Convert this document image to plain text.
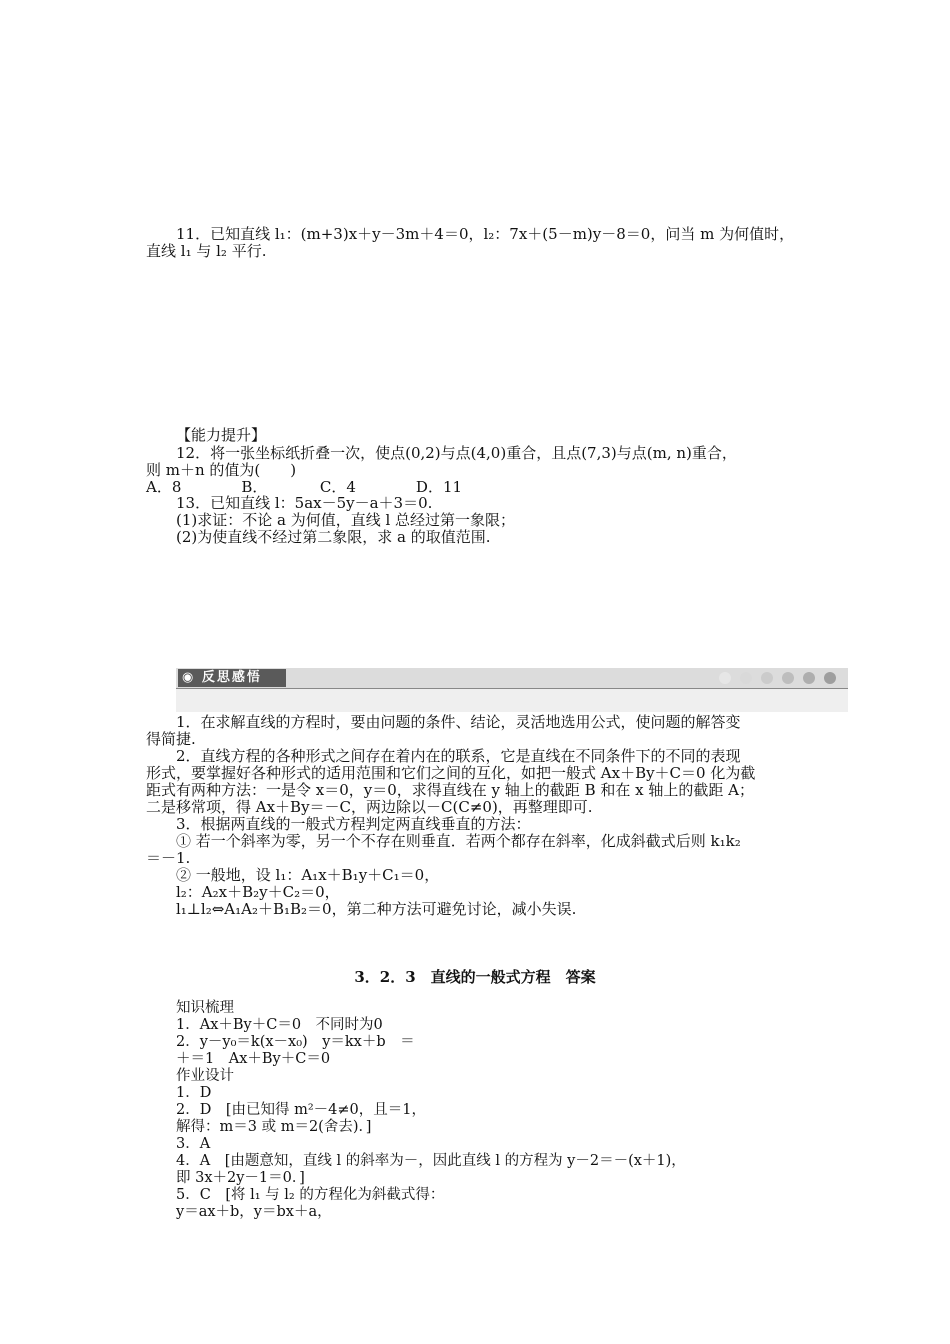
11．已知直线 l₁：(m+3)x＋y－3m＋4＝0，l₂：7x＋(5－m)y－8＝0，问当 m 为何值时，
直线 l₁ 与 l₂ 平行.
【能力提升】
12．将一张坐标纸折叠一次，使点(0,2)与点(4,0)重合，且点(7,3)与点(m, n)重合，
则 m＋n 的值为(　　)
A．8　　　　B．　　　　C．4　　　　D．11
13．已知直线 l：5ax－5y－a＋3＝0.
(1)求证：不论 a 为何值，直线 l 总经过第一象限；
(2)为使直线不经过第二象限，求 a 的取值范围.
◉ 反思感悟
1．在求解直线的方程时，要由问题的条件、结论，灵活地选用公式，使问题的解答变
得简捷.
2．直线方程的各种形式之间存在着内在的联系，它是直线在不同条件下的不同的表现
形式，要掌握好各种形式的适用范围和它们之间的互化，如把一般式 Ax＋By＋C＝0 化为截
距式有两种方法：一是令 x＝0，y＝0，求得直线在 y 轴上的截距 B 和在 x 轴上的截距 A；
二是移常项，得 Ax＋By＝－C，两边除以－C(C≠0)，再整理即可.
3．根据两直线的一般式方程判定两直线垂直的方法：
① 若一个斜率为零，另一个不存在则垂直．若两个都存在斜率，化成斜截式后则 k₁k₂
＝－1.
② 一般地，设 l₁：A₁x＋B₁y＋C₁＝0，
l₂：A₂x＋B₂y＋C₂＝0，
l₁⊥l₂⇔A₁A₂＋B₁B₂＝0，第二种方法可避免讨论，减小失误.
3．2．3　直线的一般式方程　答案
知识梳理
1．Ax＋By＋C＝0　不同时为0
2．y－y₀＝k(x－x₀)　y＝kx＋b　＝
＋＝1　Ax＋By＋C＝0
作业设计
1．D
2．D　[由已知得 m²－4≠0，且＝1，
解得：m＝3 或 m＝2(舍去)．]
3．A
4．A　[由题意知，直线 l 的斜率为－，因此直线 l 的方程为 y－2＝－(x＋1)，
即 3x＋2y－1＝0．]
5．C　[将 l₁ 与 l₂ 的方程化为斜截式得：
y＝ax＋b，y＝bx＋a，
